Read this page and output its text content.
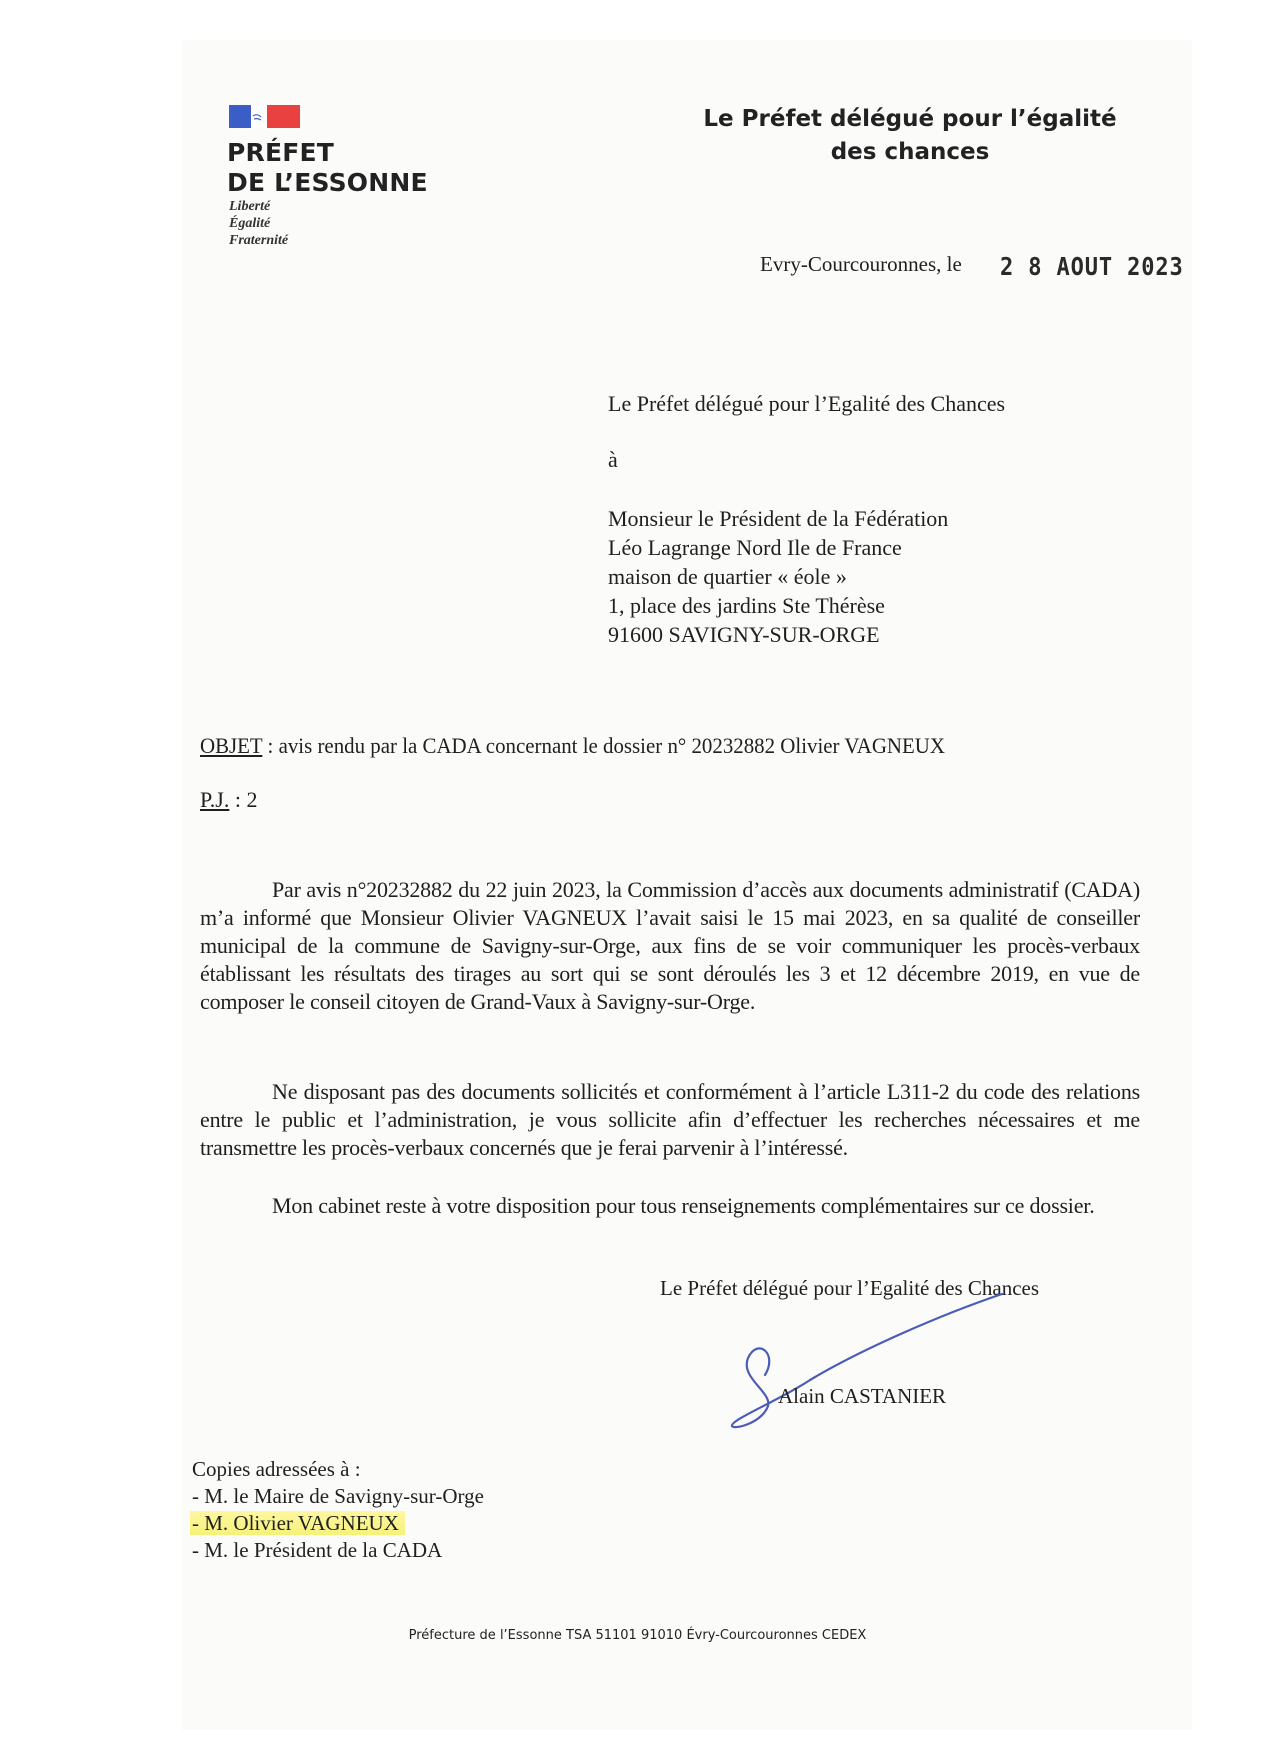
PRÉFET
DE L’ESSONNE
Liberté
Égalité
Fraternité
Le Préfet délégué pour l’égalité
des chances
Evry-Courcouronnes, le 2 8 AOUT 2023
Le Préfet délégué pour l’Egalité des Chances
à
Monsieur le Président de la Fédération
Léo Lagrange Nord Ile de France
maison de quartier « éole »
1, place des jardins Ste Thérèse
91600 SAVIGNY-SUR-ORGE
OBJET : avis rendu par la CADA concernant le dossier n° 20232882 Olivier VAGNEUX
P.J. : 2
Par avis n°20232882 du 22 juin 2023, la Commission d’accès aux documents administratif (CADA) m’a informé que Monsieur Olivier VAGNEUX l’avait saisi le 15 mai 2023, en sa qualité de conseiller municipal de la commune de Savigny-sur-Orge, aux fins de se voir communiquer les procès-verbaux établissant les résultats des tirages au sort qui se sont déroulés les 3 et 12 décembre 2019, en vue de composer le conseil citoyen de Grand-Vaux à Savigny-sur-Orge.
Ne disposant pas des documents sollicités et conformément à l’article L311-2 du code des relations entre le public et l’administration, je vous sollicite afin d’effectuer les recherches nécessaires et me transmettre les procès-verbaux concernés que je ferai parvenir à l’intéressé.
Mon cabinet reste à votre disposition pour tous renseignements complémentaires sur ce dossier.
Le Préfet délégué pour l’Egalité des Chances
Alain CASTANIER
Copies adressées à :
- M. le Maire de Savigny-sur-Orge
- M. Olivier VAGNEUX
- M. le Président de la CADA
Préfecture de l’Essonne TSA 51101 91010 Évry-Courcouronnes CEDEX
